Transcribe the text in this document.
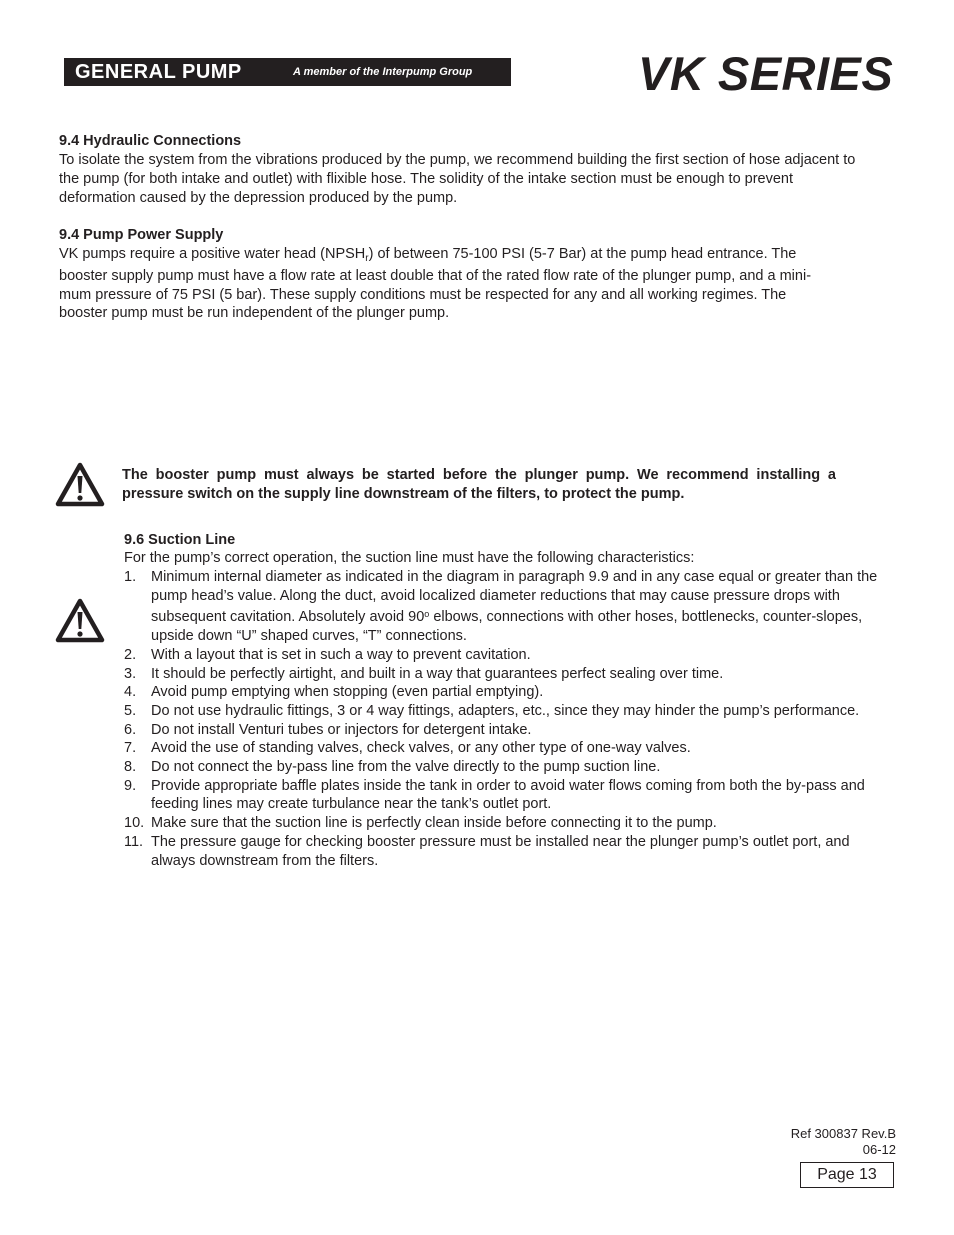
GENERAL PUMP	A member of the Interpump Group	VK SERIES
9.4 Hydraulic Connections
To isolate the system from the vibrations produced by the pump, we recommend building the first section of hose adjacent to the pump (for both intake and outlet) with flixible hose. The solidity of the intake section must be enough to prevent deformation caused by the depression produced by the pump.
9.4 Pump Power Supply
VK pumps require a positive water head $(NPSH_r)$ of between 75-100 PSI (5-7 Bar) at the pump head entrance. The
booster supply pump must have a flow rate at least double that of the rated flow rate of the plunger pump, and a mini-
mum pressure of 75 PSI (5 bar). These supply conditions must be respected for any and all working regimes. The
booster pump must be run independent of the plunger pump.
The booster pump must always be started before the plunger pump. We recommend installing a pressure switch on the supply line downstream of the filters, to protect the pump.
9.6 Suction Line
For the pump’s correct operation, the suction line must have the following characteristics:
1. Minimum internal diameter as indicated in the diagram in paragraph 9.9 and in any case equal or greater than the pump head’s value. Along the duct, avoid localized diameter reductions that may cause pressure drops with subsequent cavitation. Absolutely avoid 90$^o$ elbows, connections with other hoses, bottlenecks, counter-slopes, upside down “U” shaped curves, “T” connections.
2. With a layout that is set in such a way to prevent cavitation.
3. It should be perfectly airtight, and built in a way that guarantees perfect sealing over time.
4. Avoid pump emptying when stopping (even partial emptying).
5. Do not use hydraulic fittings, 3 or 4 way fittings, adapters, etc., since they may hinder the pump’s performance.
6. Do not install Venturi tubes or injectors for detergent intake.
7. Avoid the use of standing valves, check valves, or any other type of one-way valves.
8. Do not connect the by-pass line from the valve directly to the pump suction line.
9. Provide appropriate baffle plates inside the tank in order to avoid water flows coming from both the by-pass and feeding lines may create turbulance near the tank’s outlet port.
10. Make sure that the suction line is perfectly clean inside before connecting it to the pump.
11. The pressure gauge for checking booster pressure must be installed near the plunger pump’s outlet port, and always downstream from the filters.
Ref 300837 Rev.B
06-12
Page 13
